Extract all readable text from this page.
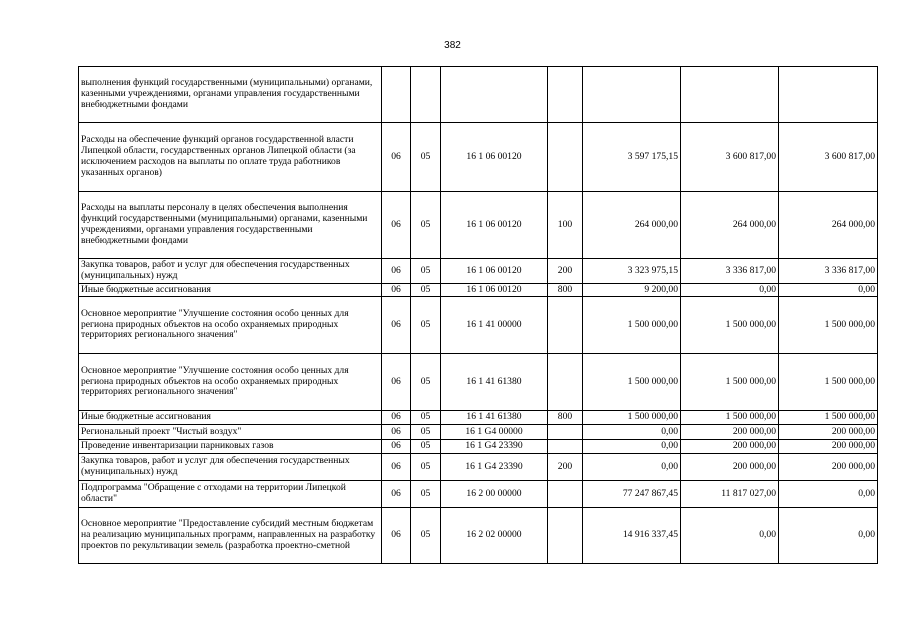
382
выполнения функций государственными (муниципальными) органами, казенными учреждениями, органами управления государственными внебюджетными фондами							
Расходы на обеспечение функций органов государственной власти Липецкой области, государственных органов Липецкой области (за исключением расходов на выплаты по оплате труда работников указанных органов)	06	05	16 1 06 00120		3 597 175,15	3 600 817,00	3 600 817,00
Расходы на выплаты персоналу в целях обеспечения выполнения функций государственными (муниципальными) органами, казенными учреждениями, органами управления государственными внебюджетными фондами	06	05	16 1 06 00120	100	264 000,00	264 000,00	264 000,00
Закупка товаров, работ и услуг для обеспечения государственных (муниципальных) нужд	06	05	16 1 06 00120	200	3 323 975,15	3 336 817,00	3 336 817,00
Иные бюджетные ассигнования	06	05	16 1 06 00120	800	9 200,00	0,00	0,00
Основное мероприятие "Улучшение состояния особо ценных для региона природных объектов на особо охраняемых природных территориях регионального значения"	06	05	16 1 41 00000		1 500 000,00	1 500 000,00	1 500 000,00
Основное мероприятие "Улучшение состояния особо ценных для региона природных объектов на особо охраняемых природных территориях регионального значения"	06	05	16 1 41 61380		1 500 000,00	1 500 000,00	1 500 000,00
Иные бюджетные ассигнования	06	05	16 1 41 61380	800	1 500 000,00	1 500 000,00	1 500 000,00
Региональный проект "Чистый воздух"	06	05	16 1 G4 00000		0,00	200 000,00	200 000,00
Проведение инвентаризации парниковых газов	06	05	16 1 G4 23390		0,00	200 000,00	200 000,00
Закупка товаров, работ и услуг для обеспечения государственных (муниципальных) нужд	06	05	16 1 G4 23390	200	0,00	200 000,00	200 000,00
Подпрограмма "Обращение с отходами на территории Липецкой области"	06	05	16 2 00 00000		77 247 867,45	11 817 027,00	0,00
Основное мероприятие "Предоставление субсидий местным бюджетам на реализацию муниципальных программ, направленных на разработку проектов по рекультивации земель (разработка проектно-сметной	06	05	16 2 02 00000		14 916 337,45	0,00	0,00
